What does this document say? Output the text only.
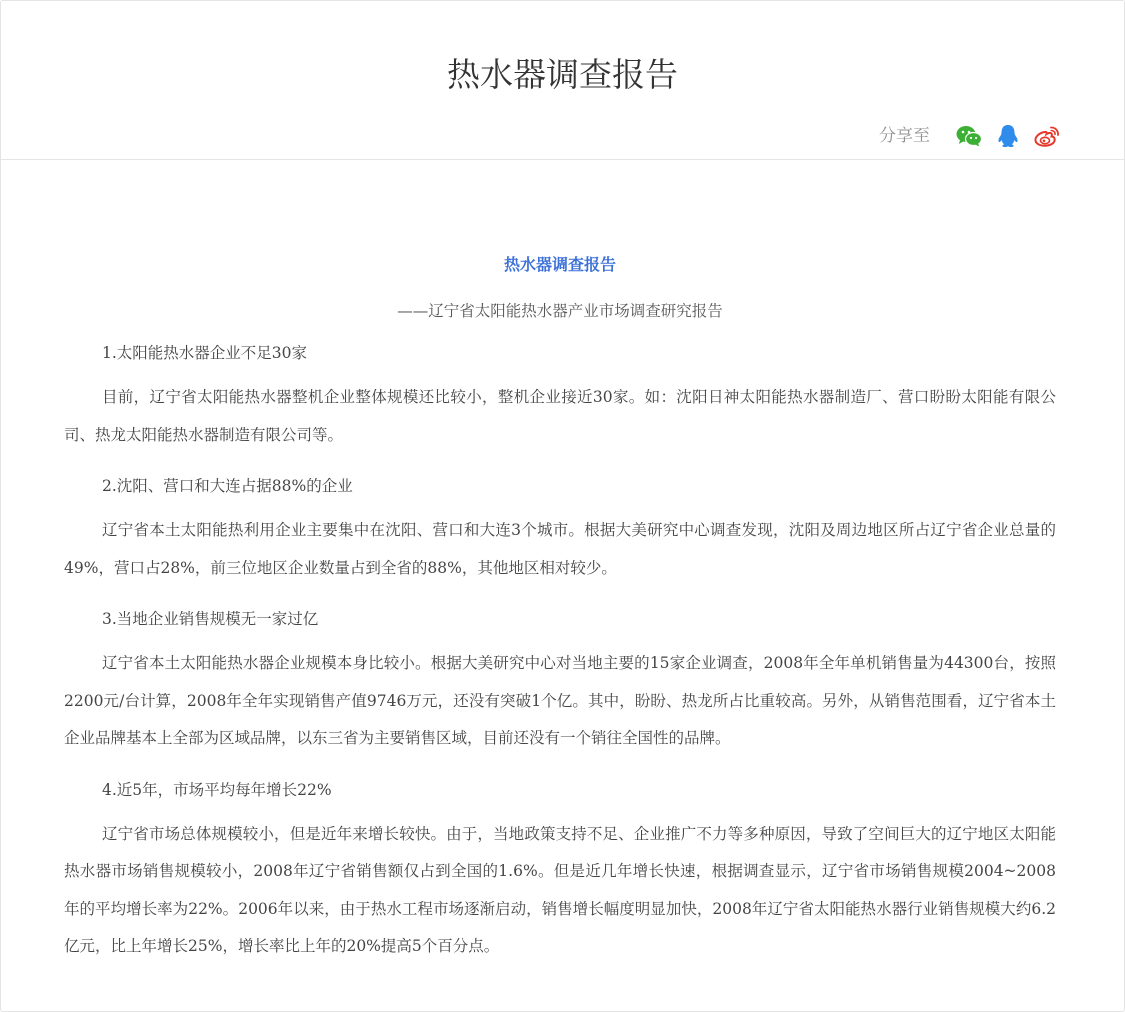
热水器调查报告
分享至

热水器调查报告

——辽宁省太阳能热水器产业市场调查研究报告

1.太阳能热水器企业不足30家

目前，辽宁省太阳能热水器整机企业整体规模还比较小，整机企业接近30家。如：沈阳日神太阳能热水器制造厂、营口盼盼太阳能有限公司、热龙太阳能热水器制造有限公司等。

2.沈阳、营口和大连占据88%的企业

辽宁省本土太阳能热利用企业主要集中在沈阳、营口和大连3个城市。根据大美研究中心调查发现，沈阳及周边地区所占辽宁省企业总量的49%，营口占28%，前三位地区企业数量占到全省的88%，其他地区相对较少。

3.当地企业销售规模无一家过亿

辽宁省本土太阳能热水器企业规模本身比较小。根据大美研究中心对当地主要的15家企业调查，2008年全年单机销售量为44300台，按照2200元/台计算，2008年全年实现销售产值9746万元，还没有突破1个亿。其中，盼盼、热龙所占比重较高。另外，从销售范围看，辽宁省本土企业品牌基本上全部为区域品牌，以东三省为主要销售区域，目前还没有一个销往全国性的品牌。

4.近5年，市场平均每年增长22%

辽宁省市场总体规模较小，但是近年来增长较快。由于，当地政策支持不足、企业推广不力等多种原因，导致了空间巨大的辽宁地区太阳能热水器市场销售规模较小，2008年辽宁省销售额仅占到全国的1.6%。但是近几年增长快速，根据调查显示，辽宁省市场销售规模2004~2008年的平均增长率为22%。2006年以来，由于热水工程市场逐渐启动，销售增长幅度明显加快，2008年辽宁省太阳能热水器行业销售规模大约6.2亿元，比上年增长25%，增长率比上年的20%提高5个百分点。
